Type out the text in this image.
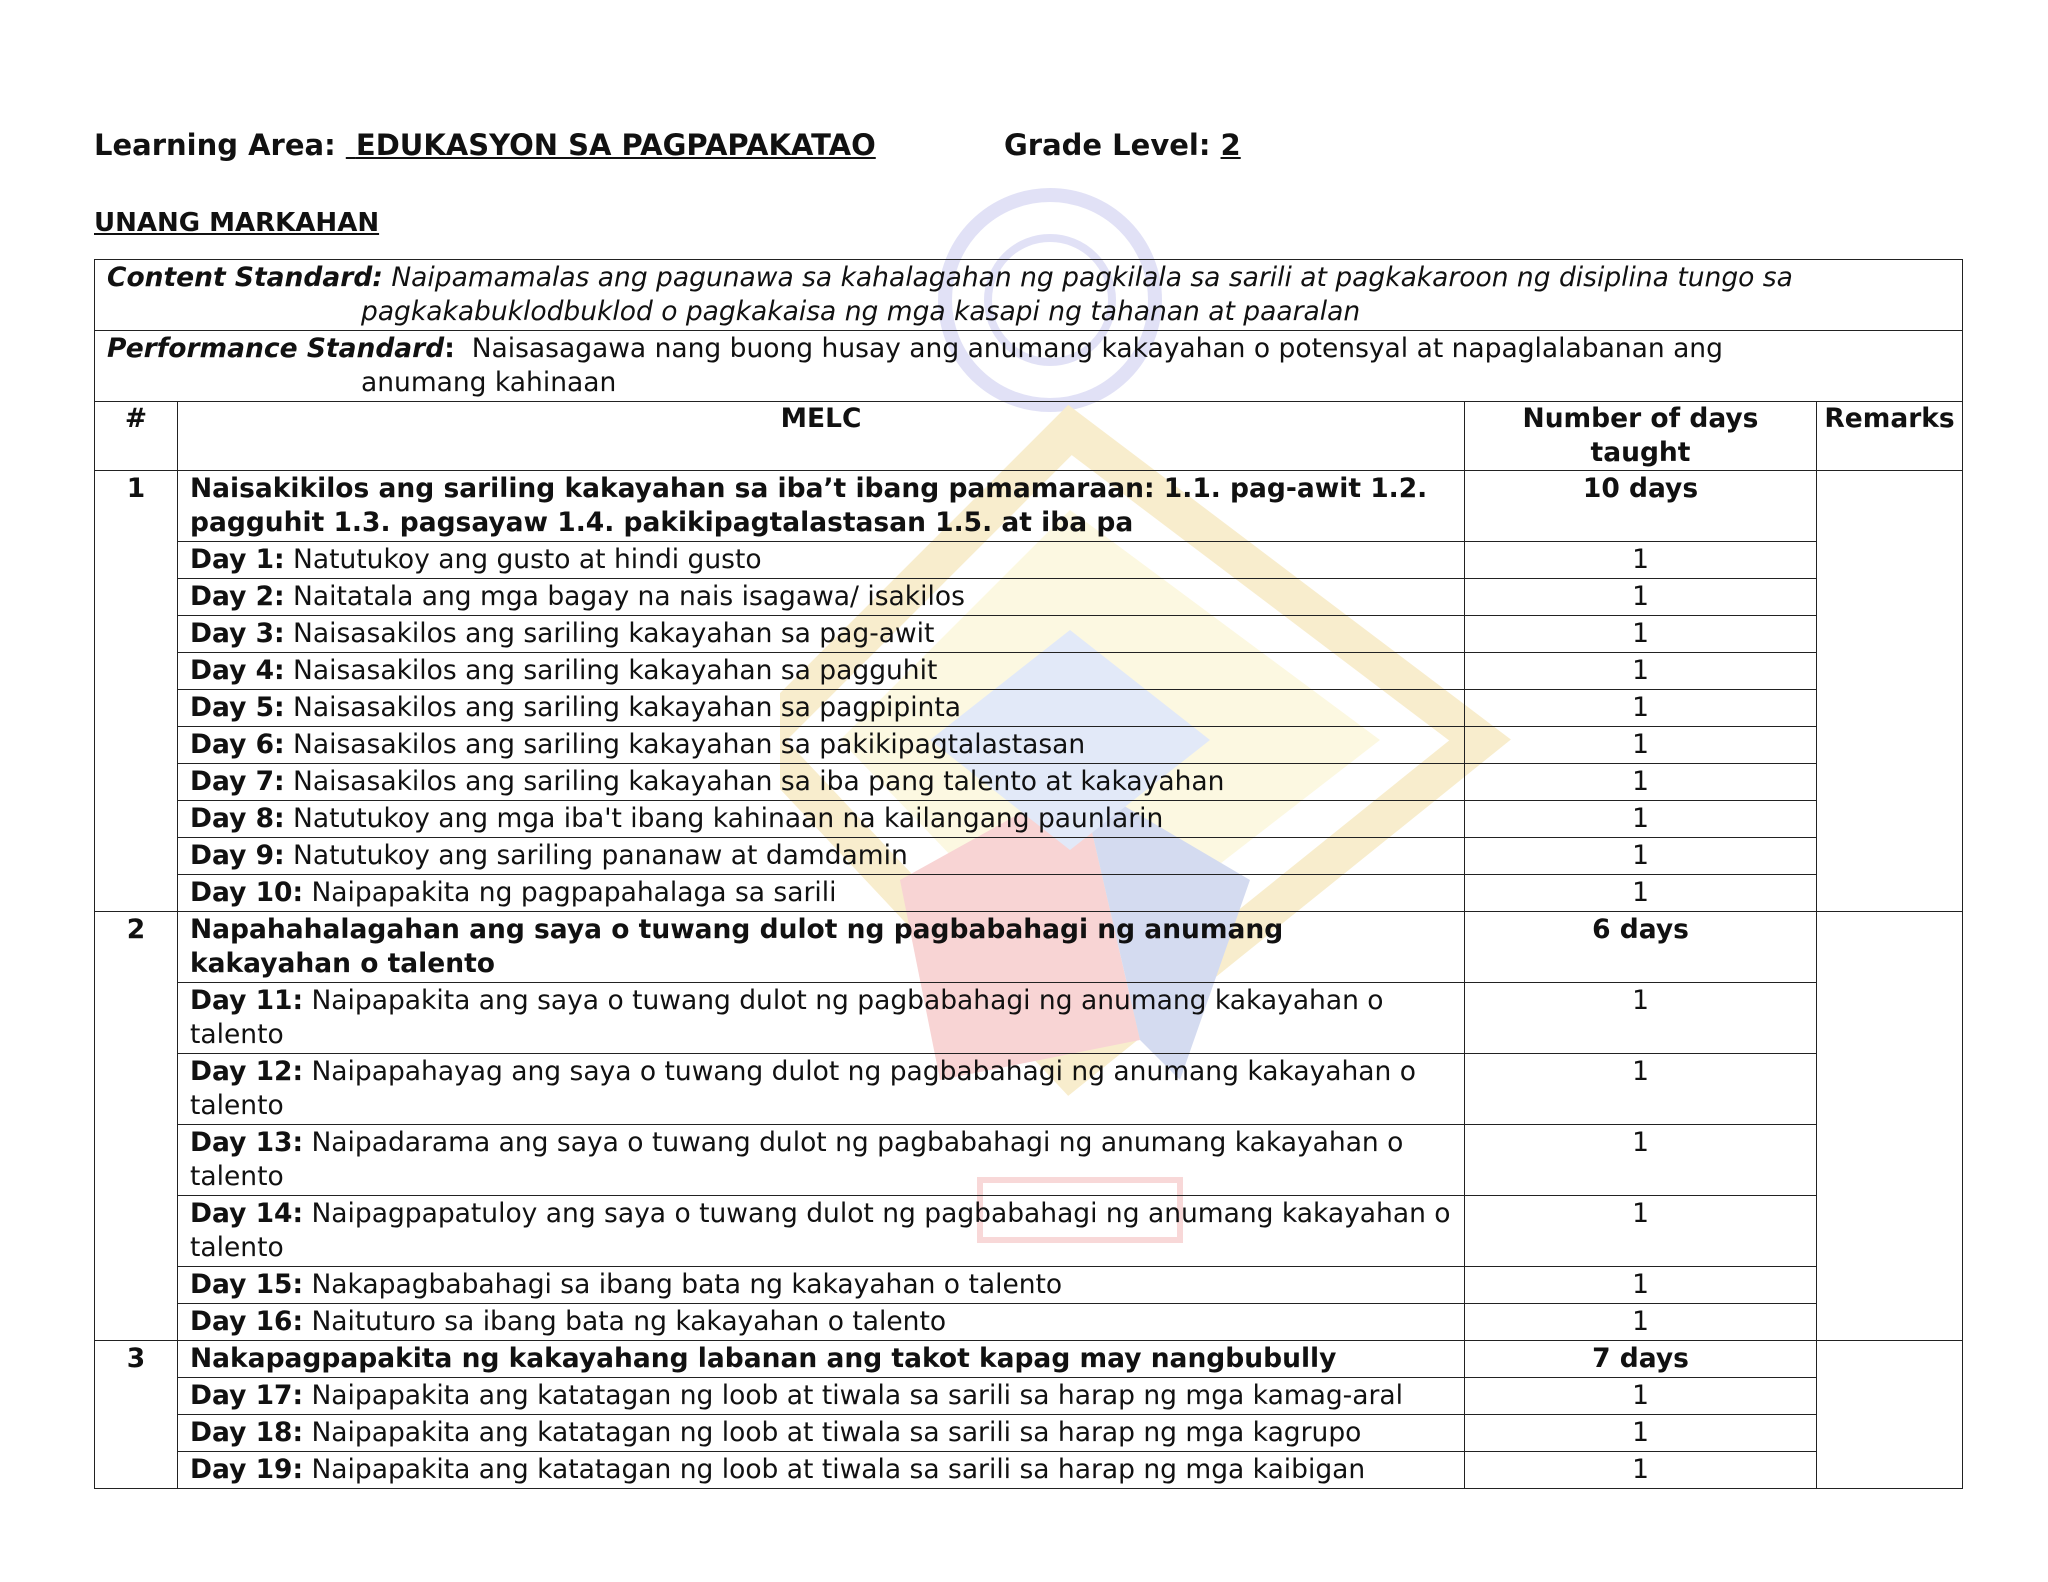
Learning Area: EDUKASYON SA PAGPAPAKATAO	Grade Level: 2
UNANG MARKAHAN
Content Standard: Naipamamalas ang pagunawa sa kahalagahan ng pagkilala sa sarili at pagkakaroon ng disiplina tungo sa
pagkakabuklodbuklod o pagkakaisa ng mga kasapi ng tahanan at paaralan			

Performance Standard: Naisasagawa nang buong husay ang anumang kakayahan o potensyal at napaglalabanan ang
anumang kahinaan			

#	MELC	Number of days taught	Remarks
1	Naisakikilos ang sariling kakayahan sa iba’t ibang pamamaraan: 1.1. pag-awit 1.2. pagguhit 1.3. pagsayaw 1.4. pakikipagtalastasan 1.5. at iba pa	10 days	
	Day 1: Natutukoy ang gusto at hindi gusto	1	
	Day 2: Naitatala ang mga bagay na nais isagawa/ isakilos	1	
	Day 3: Naisasakilos ang sariling kakayahan sa pag-awit	1	
	Day 4: Naisasakilos ang sariling kakayahan sa pagguhit	1	
	Day 5: Naisasakilos ang sariling kakayahan sa pagpipinta	1	
	Day 6: Naisasakilos ang sariling kakayahan sa pakikipagtalastasan	1	
	Day 7: Naisasakilos ang sariling kakayahan sa iba pang talento at kakayahan	1	
	Day 8: Natutukoy ang mga iba't ibang kahinaan na kailangang paunlarin	1	
	Day 9: Natutukoy ang sariling pananaw at damdamin	1	
	Day 10: Naipapakita ng pagpapahalaga sa sarili	1	
2	Napahahalagahan ang saya o tuwang dulot ng pagbabahagi ng anumang kakayahan o talento	6 days	
	Day 11: Naipapakita ang saya o tuwang dulot ng pagbabahagi ng anumang kakayahan o talento	1	
	Day 12: Naipapahayag ang saya o tuwang dulot ng pagbabahagi ng anumang kakayahan o talento	1	
	Day 13: Naipadarama ang saya o tuwang dulot ng pagbabahagi ng anumang kakayahan o talento	1	
	Day 14: Naipagpapatuloy ang saya o tuwang dulot ng pagbabahagi ng anumang kakayahan o talento	1	
	Day 15: Nakapagbabahagi sa ibang bata ng kakayahan o talento	1	
	Day 16: Naituturo sa ibang bata ng kakayahan o talento	1	
3	Nakapagpapakita ng kakayahang labanan ang takot kapag may nangbubully	7 days	
	Day 17: Naipapakita ang katatagan ng loob at tiwala sa sarili sa harap ng mga kamag-aral	1	
	Day 18: Naipapakita ang katatagan ng loob at tiwala sa sarili sa harap ng mga kagrupo	1	
	Day 19: Naipapakita ang katatagan ng loob at tiwala sa sarili sa harap ng mga kaibigan	1	
